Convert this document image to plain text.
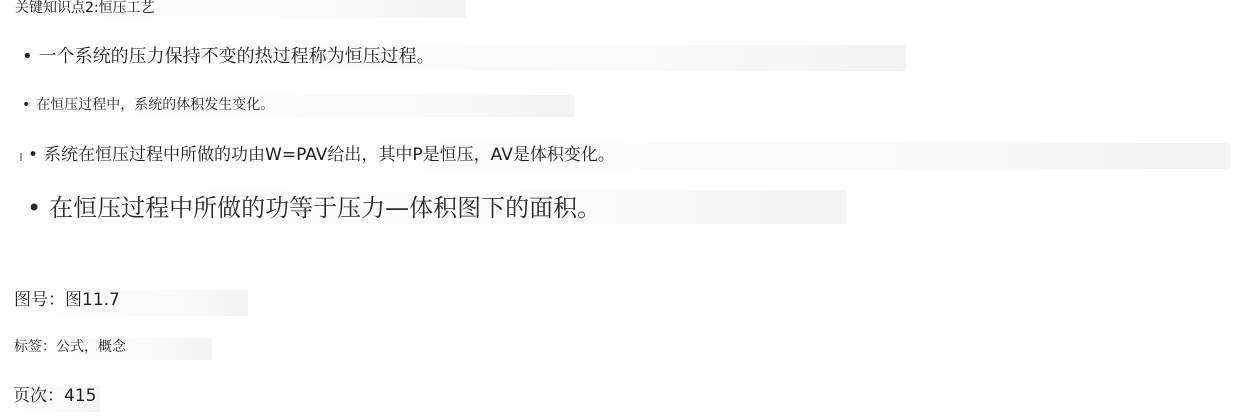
关键知识点2:恒压工艺
• 一个系统的压力保持不变的热过程称为恒压过程。
• 在恒压过程中，系统的体积发生变化。
• 系统在恒压过程中所做的功由W=PAV给出，其中P是恒压，AV是体积变化。
• 在恒压过程中所做的功等于压力—体积图下的面积。
图号：图11.7
标签：公式，概念
页次：415
